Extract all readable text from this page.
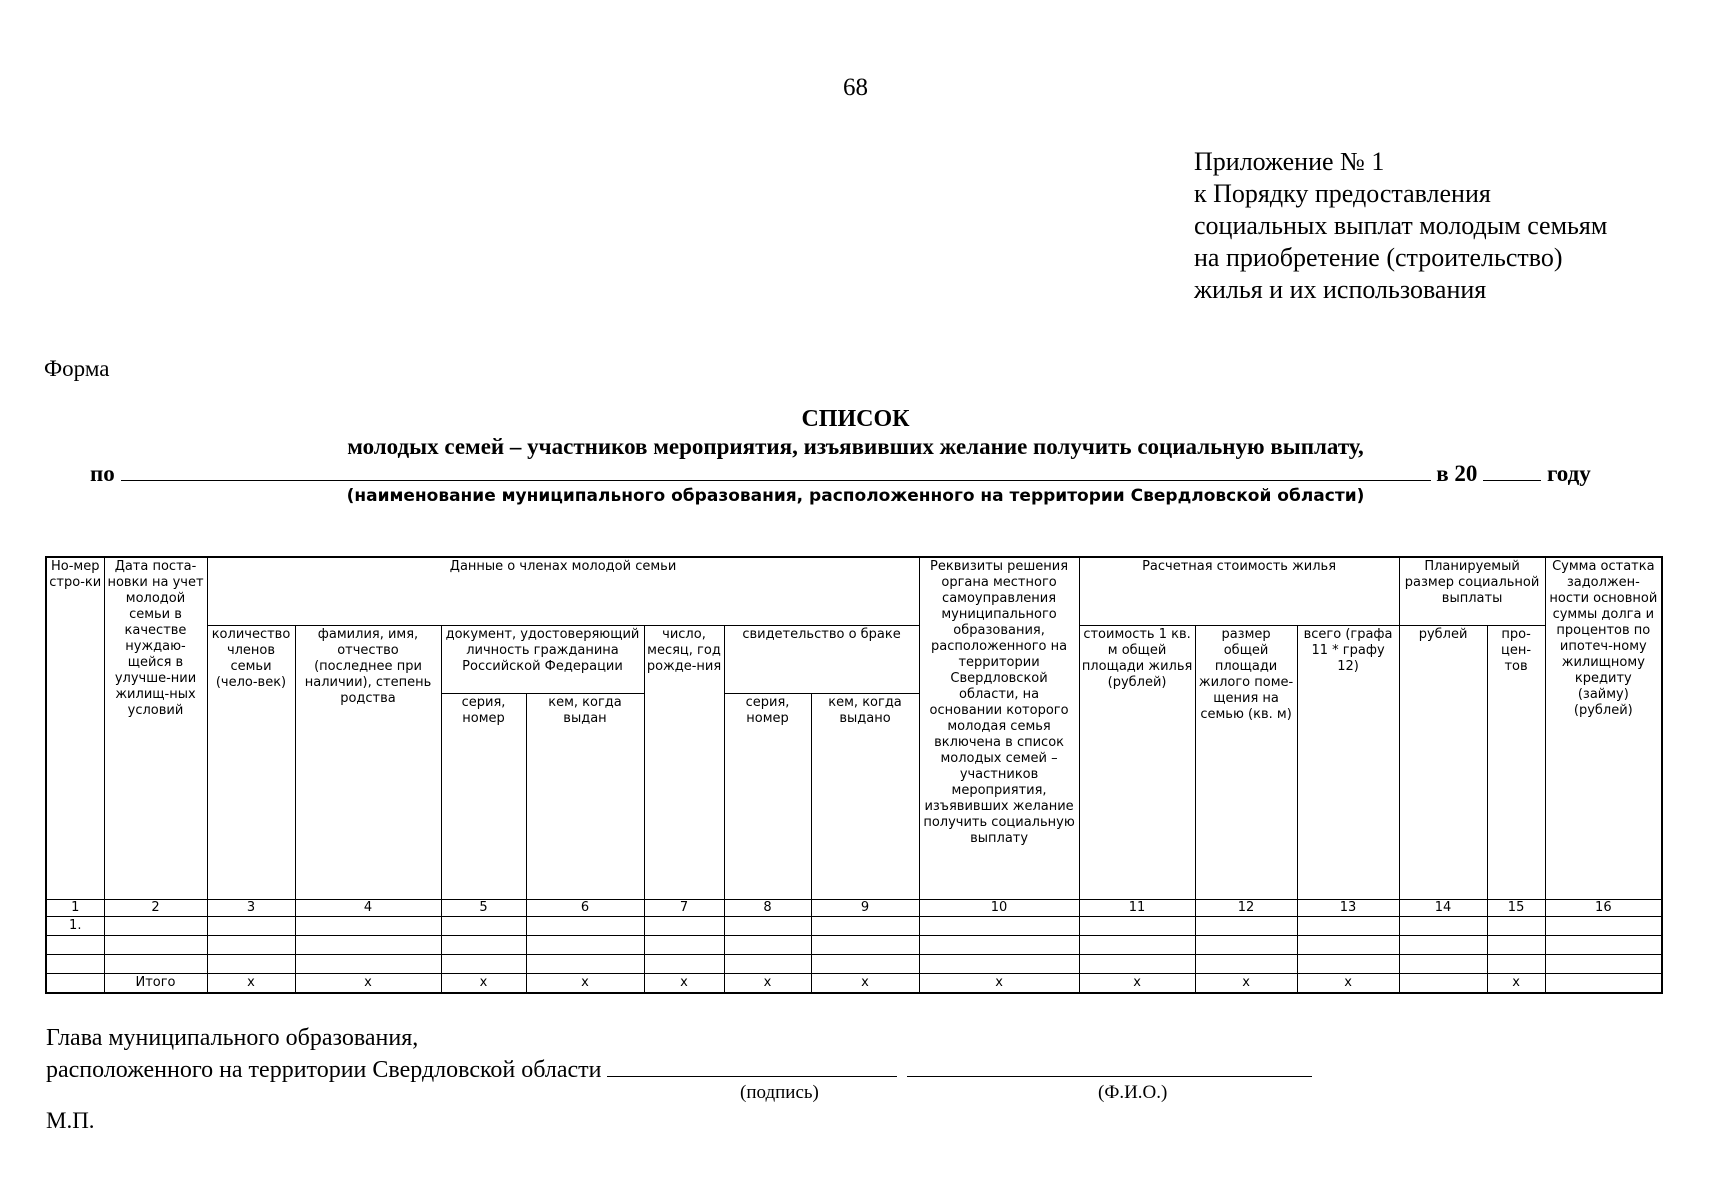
68
Приложение № 1
к Порядку предоставления
социальных выплат молодым семьям
на приобретение (строительство)
жилья и их использования
Форма
СПИСОК
молодых семей – участников мероприятия, изъявивших желание получить социальную выплату,
по	в 20	году
(наименование муниципального образования, расположенного на территории Свердловской области)
Но-мер стро-ки	Дата поста-новки на учет молодой семьи в качестве нуждаю-щейся в улучше-нии жилищ-ных условий	Данные о членах молодой семьи							Реквизиты решения органа местного самоуправления муниципального образования, расположенного на территории Свердловской области, на основании которого молодая семья включена в список молодых семей – участников мероприятия, изъявивших желание получить социальную выплату	Расчетная стоимость жилья			Планируемый размер социальной выплаты		Сумма остатка задолжен-ности основной суммы долга и процентов по ипотеч-ному жилищному кредиту (займу) (рублей)
		количество членов семьи (чело-век)	фамилия, имя, отчество (последнее при наличии), степень родства	документ, удостоверяющий личность гражданина Российской Федерации		число, месяц, год рожде-ния	свидетельство о браке			стоимость 1 кв. м общей площади жилья (рублей)	размер общей площади жилого поме-щения на семью (кв. м)	всего (графа 11 * графу 12)	рублей	про-цен-тов	
				серия, номер	кем, когда выдан		серия, номер	кем, когда выдано							
1	2	3	4	5	6	7	8	9	10	11	12	13	14	15	16
1.															

	Итого	x	x	x	x	x	x	x	x	x	x	x		x	
Глава муниципального образования,
расположенного на территории Свердловской области
(подпись)	(Ф.И.О.)
М.П.
